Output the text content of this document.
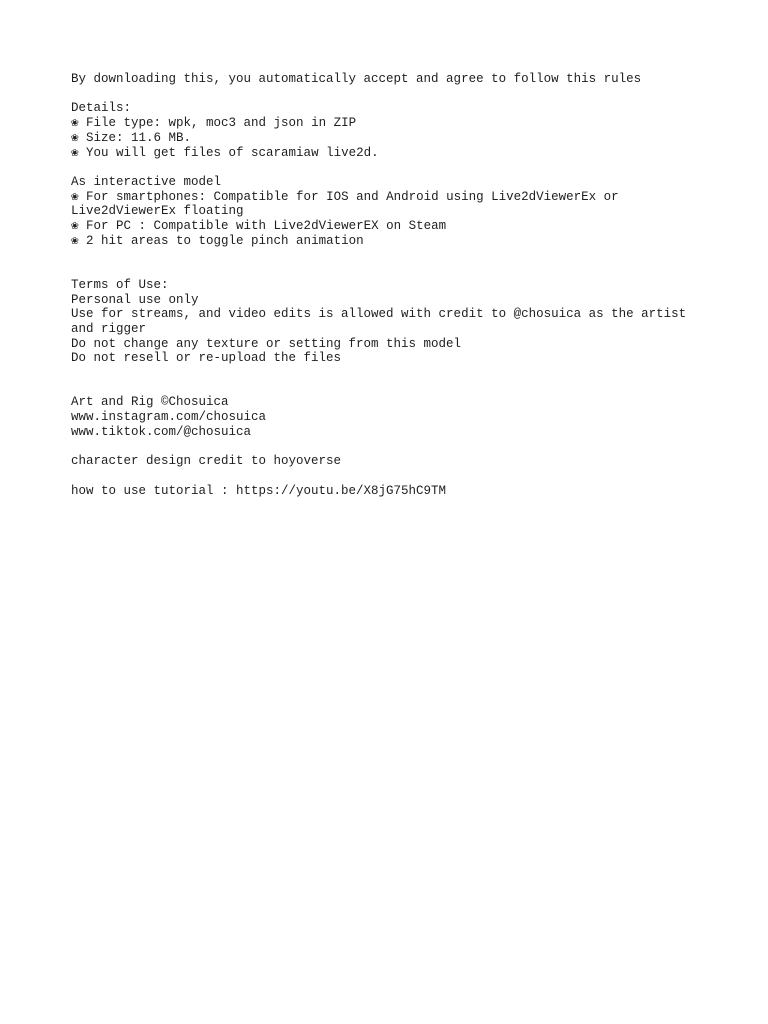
By downloading this, you automatically accept and agree to follow this rules
Details:
❀ File type: wpk, moc3 and json in ZIP
❀ Size: 11.6 MB.
❀ You will get files of scaramiaw live2d.
As interactive model
❀ For smartphones: Compatible for IOS and Android using Live2dViewerEx or Live2dViewerEx floating
❀ For PC : Compatible with Live2dViewerEX on Steam
❀ 2 hit areas to toggle pinch animation
Terms of Use:
Personal use only
Use for streams, and video edits is allowed with credit to @chosuica as the artist and rigger
Do not change any texture or setting from this model
Do not resell or re-upload the files
Art and Rig ©Chosuica
www.instagram.com/chosuica
www.tiktok.com/@chosuica
character design credit to hoyoverse
how to use tutorial : https://youtu.be/X8jG75hC9TM
